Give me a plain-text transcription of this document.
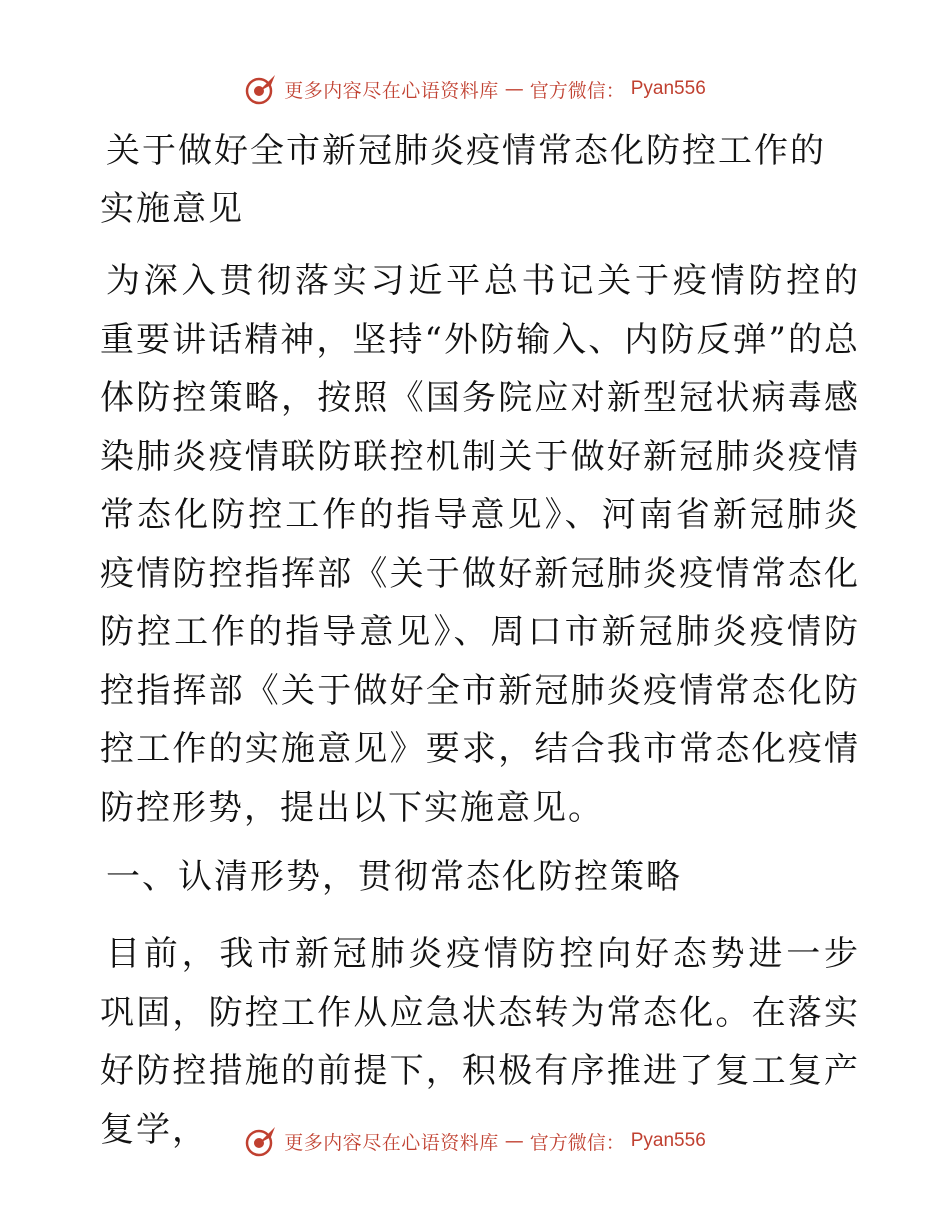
更多内容尽在心语资料库 — 官方微信： Pyan556
关于做好全市新冠肺炎疫情常态化防控工作的实施意见
为深入贯彻落实习近平总书记关于疫情防控的重要讲话精神，坚持“外防输入、内防反弹”的总体防控策略，按照《国务院应对新型冠状病毒感染肺炎疫情联防联控机制关于做好新冠肺炎疫情常态化防控工作的指导意见》、河南省新冠肺炎疫情防控指挥部《关于做好新冠肺炎疫情常态化防控工作的指导意见》、周口市新冠肺炎疫情防控指挥部《关于做好全市新冠肺炎疫情常态化防控工作的实施意见》要求，结合我市常态化疫情防控形势，提出以下实施意见。
一、认清形势，贯彻常态化防控策略
目前，我市新冠肺炎疫情防控向好态势进一步巩固，防控工作从应急状态转为常态化。在落实好防控措施的前提下，积极有序推进了复工复产复学，	更多内容尽在心语资料库 — 官方微信： Pyan556
